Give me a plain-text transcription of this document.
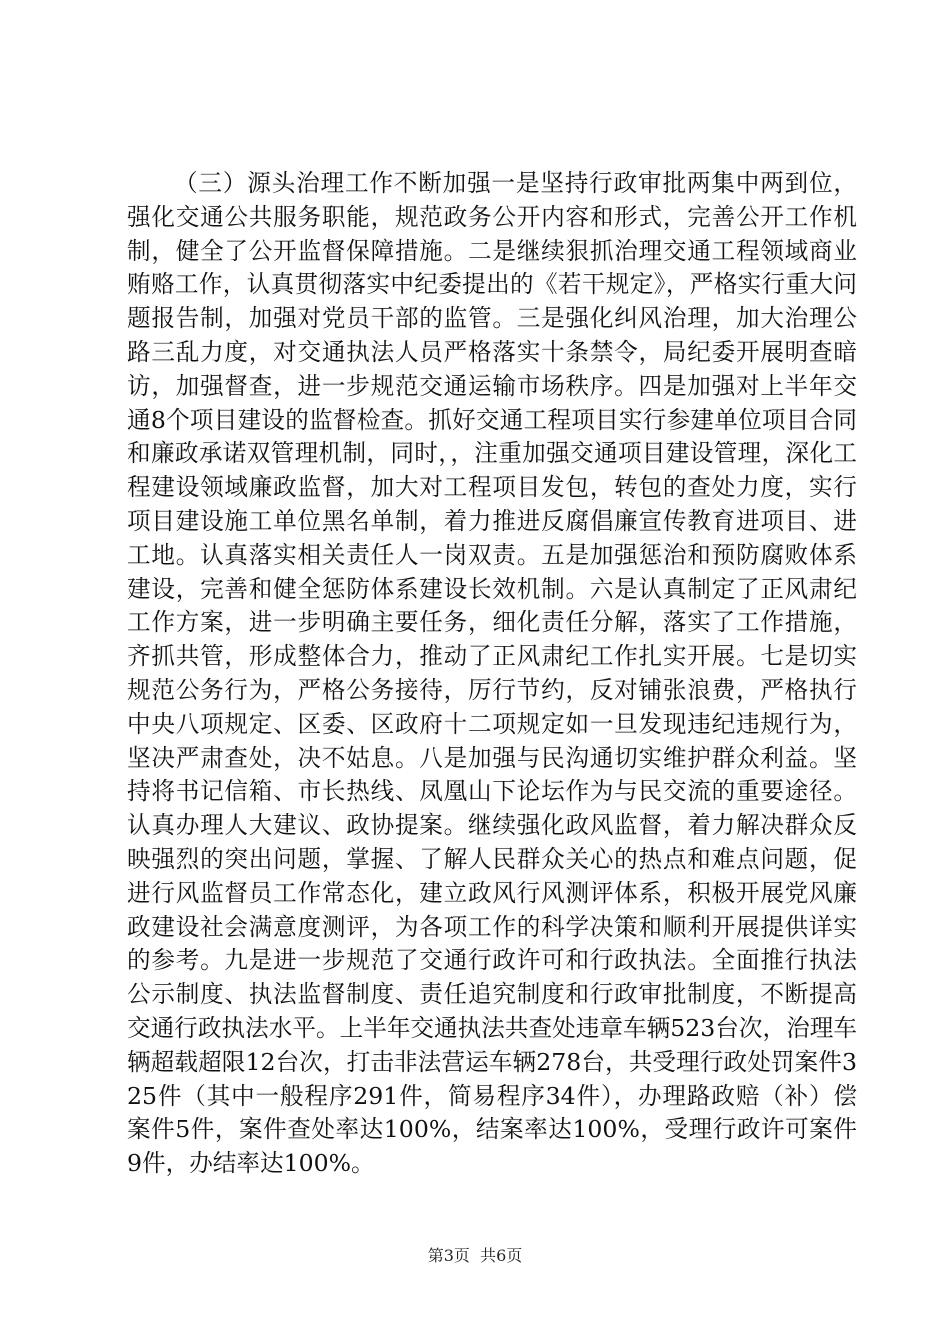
（三）源头治理工作不断加强一是坚持行政审批两集中两到位，强化交通公共服务职能，规范政务公开内容和形式，完善公开工作机制，健全了公开监督保障措施。二是继续狠抓治理交通工程领域商业贿赂工作，认真贯彻落实中纪委提出的《若干规定》，严格实行重大问题报告制，加强对党员干部的监管。三是强化纠风治理，加大治理公路三乱力度，对交通执法人员严格落实十条禁令，局纪委开展明查暗访，加强督查，进一步规范交通运输市场秩序。四是加强对上半年交通8个项目建设的监督检查。抓好交通工程项目实行参建单位项目合同和廉政承诺双管理机制，同时，，注重加强交通项目建设管理，深化工程建设领域廉政监督，加大对工程项目发包，转包的查处力度，实行项目建设施工单位黑名单制，着力推进反腐倡廉宣传教育进项目、进工地。认真落实相关责任人一岗双责。五是加强惩治和预防腐败体系建设，完善和健全惩防体系建设长效机制。六是认真制定了正风肃纪工作方案，进一步明确主要任务，细化责任分解，落实了工作措施，齐抓共管，形成整体合力，推动了正风肃纪工作扎实开展。七是切实规范公务行为，严格公务接待，厉行节约，反对铺张浪费，严格执行中央八项规定、区委、区政府十二项规定如一旦发现违纪违规行为，坚决严肃查处，决不姑息。八是加强与民沟通切实维护群众利益。坚持将书记信箱、市长热线、凤凰山下论坛作为与民交流的重要途径。认真办理人大建议、政协提案。继续强化政风监督，着力解决群众反映强烈的突出问题，掌握、了解人民群众关心的热点和难点问题，促进行风监督员工作常态化，建立政风行风测评体系，积极开展党风廉政建设社会满意度测评，为各项工作的科学决策和顺利开展提供详实的参考。九是进一步规范了交通行政许可和行政执法。全面推行执法公示制度、执法监督制度、责任追究制度和行政审批制度，不断提高交通行政执法水平。上半年交通执法共查处违章车辆523台次，治理车辆超载超限12台次，打击非法营运车辆278台，共受理行政处罚案件325件（其中一般程序291件，简易程序34件），办理路政赔（补）偿案件5件，案件查处率达100%，结案率达100%，受理行政许可案件9件，办结率达100%。

第3页  共6页
